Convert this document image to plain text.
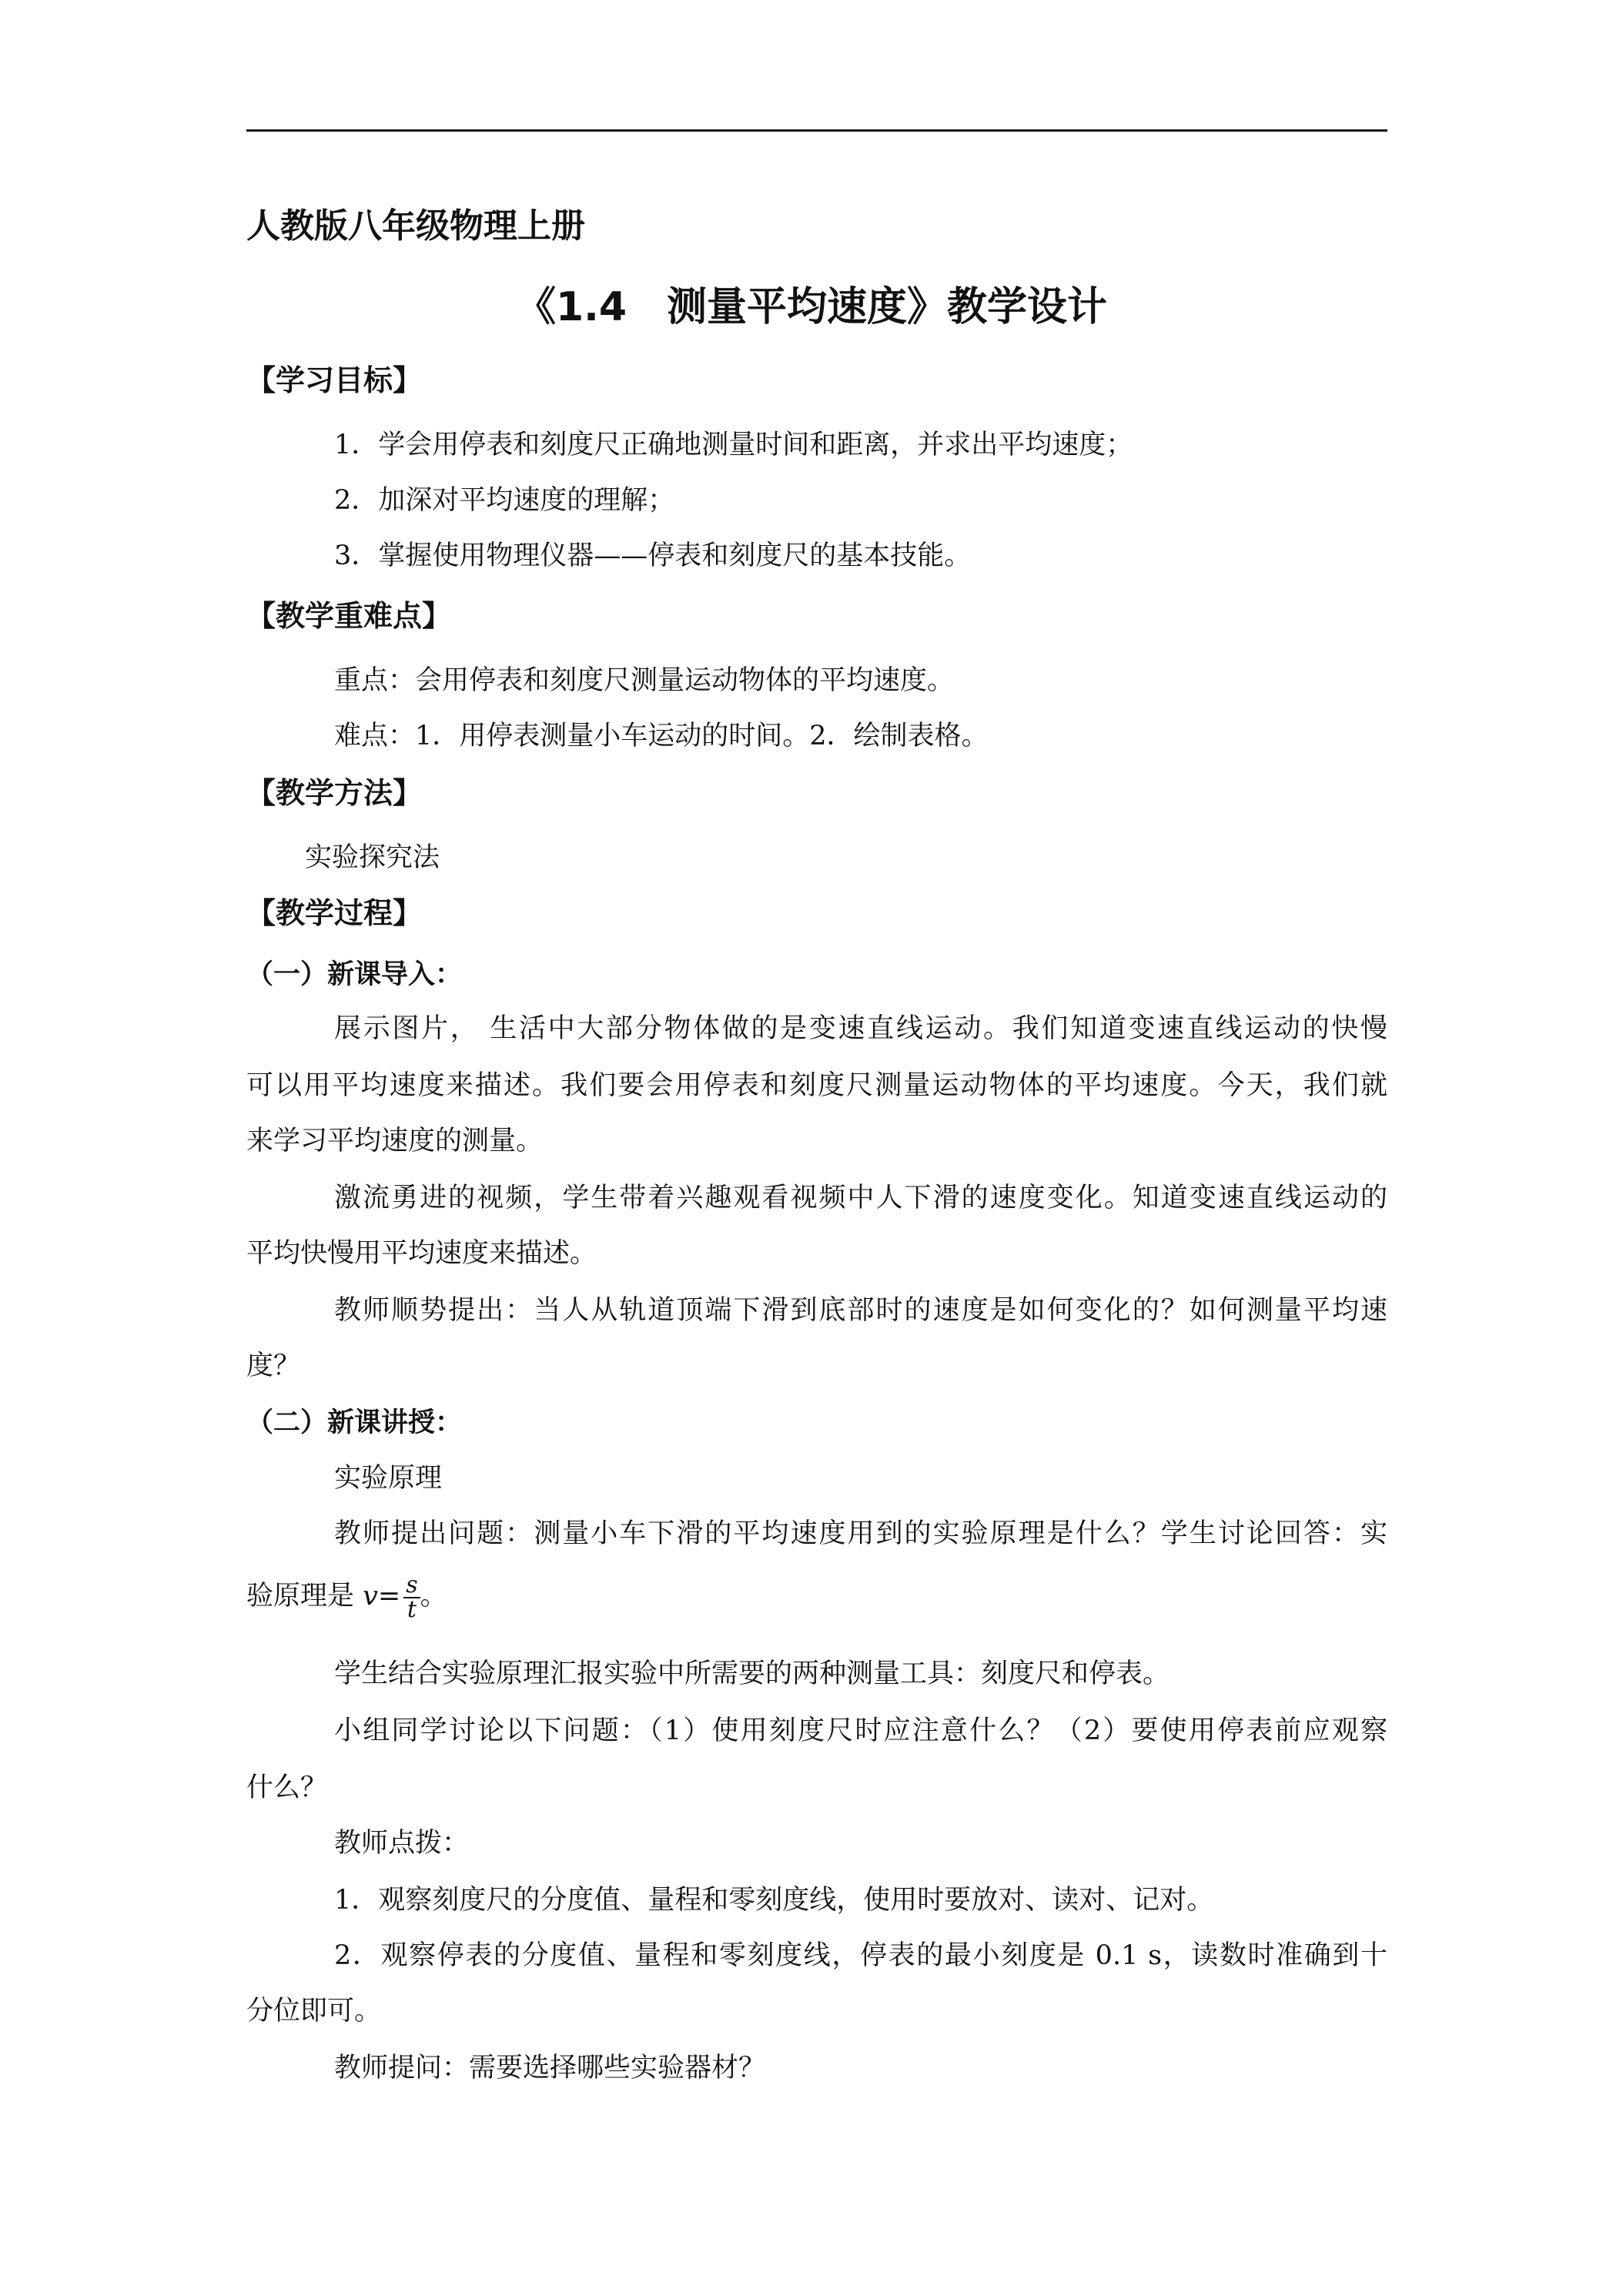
人教版八年级物理上册
《1.4　测量平均速度》教学设计
【学习目标】
1．学会用停表和刻度尺正确地测量时间和距离，并求出平均速度；
2．加深对平均速度的理解；
3．掌握使用物理仪器——停表和刻度尺的基本技能。
【教学重难点】
重点：会用停表和刻度尺测量运动物体的平均速度。
难点：1．用停表测量小车运动的时间。2．绘制表格。
【教学方法】
实验探究法
【教学过程】
（一）新课导入：
展示图片， 生活中大部分物体做的是变速直线运动。我们知道变速直线运动的快慢
可以用平均速度来描述。我们要会用停表和刻度尺测量运动物体的平均速度。今天，我们就
来学习平均速度的测量。
激流勇进的视频，学生带着兴趣观看视频中人下滑的速度变化。知道变速直线运动的
平均快慢用平均速度来描述。
教师顺势提出：当人从轨道顶端下滑到底部时的速度是如何变化的？如何测量平均速
度？
（二）新课讲授：
实验原理
教师提出问题：测量小车下滑的平均速度用到的实验原理是什么？学生讨论回答：实
验原理是 $v= \frac{s}{t}$ 。
学生结合实验原理汇报实验中所需要的两种测量工具：刻度尺和停表。
小组同学讨论以下问题：（1）使用刻度尺时应注意什么？（2）要使用停表前应观察
什么？
教师点拨：
1．观察刻度尺的分度值、量程和零刻度线，使用时要放对、读对、记对。
2．观察停表的分度值、量程和零刻度线，停表的最小刻度是 0.1 s，读数时准确到十
分位即可。
教师提问：需要选择哪些实验器材？
